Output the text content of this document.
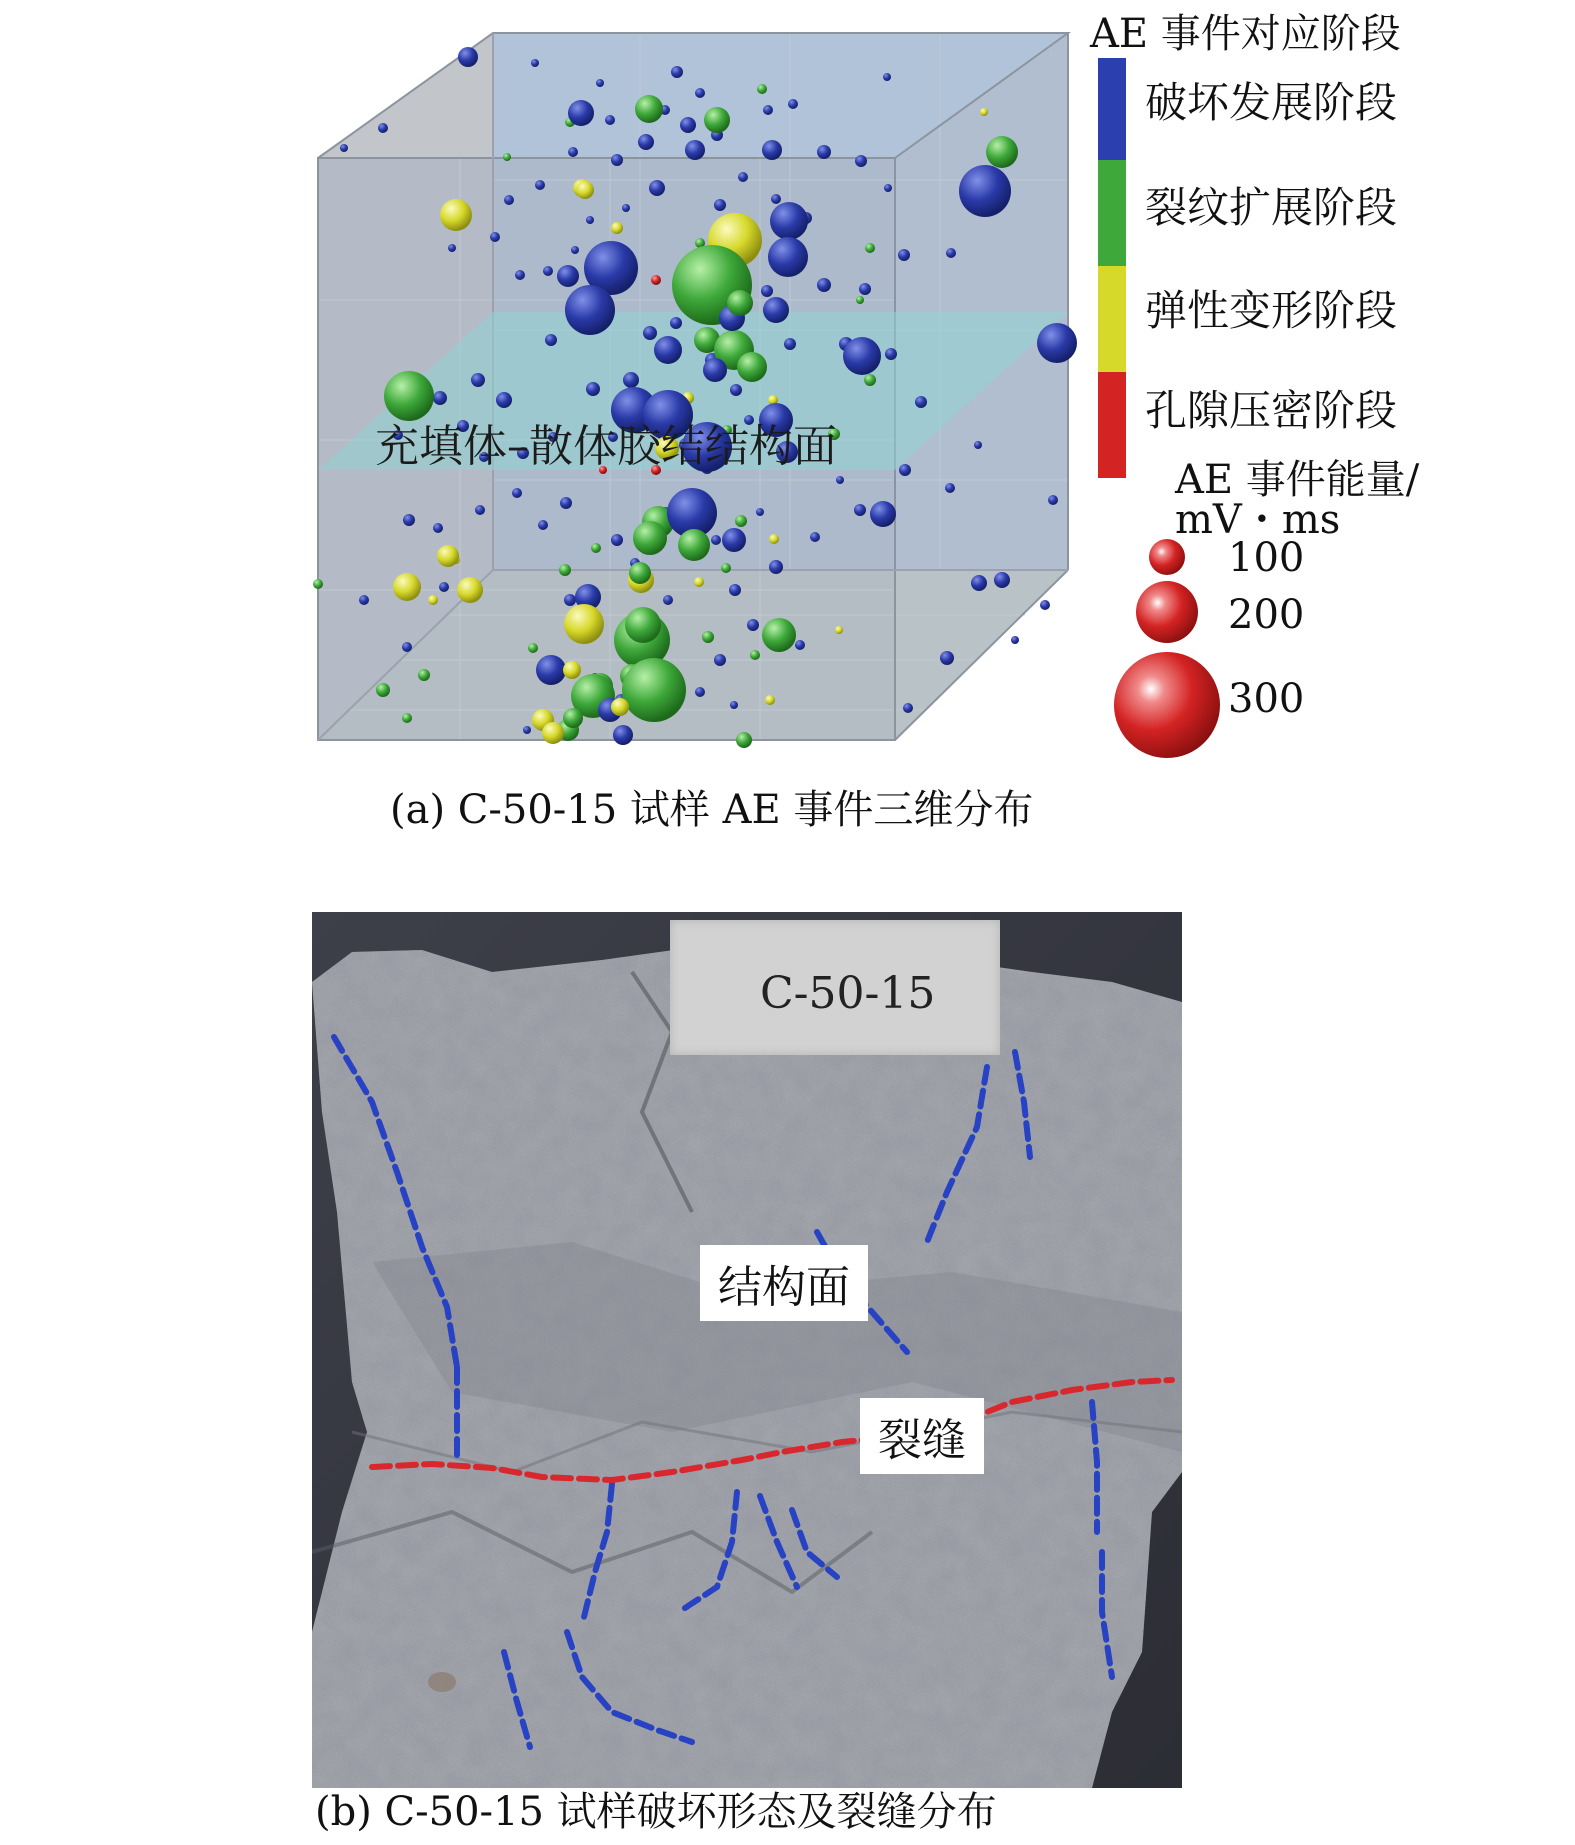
充填体–散体胶结结构面
AE 事件对应阶段
破坏发展阶段
裂纹扩展阶段
弹性变形阶段
孔隙压密阶段
AE 事件能量/
mV・ms
100
200
300
(a) C-50-15 试样 AE 事件三维分布
C-50-15
结构面
裂缝
(b) C-50-15 试样破坏形态及裂缝分布
